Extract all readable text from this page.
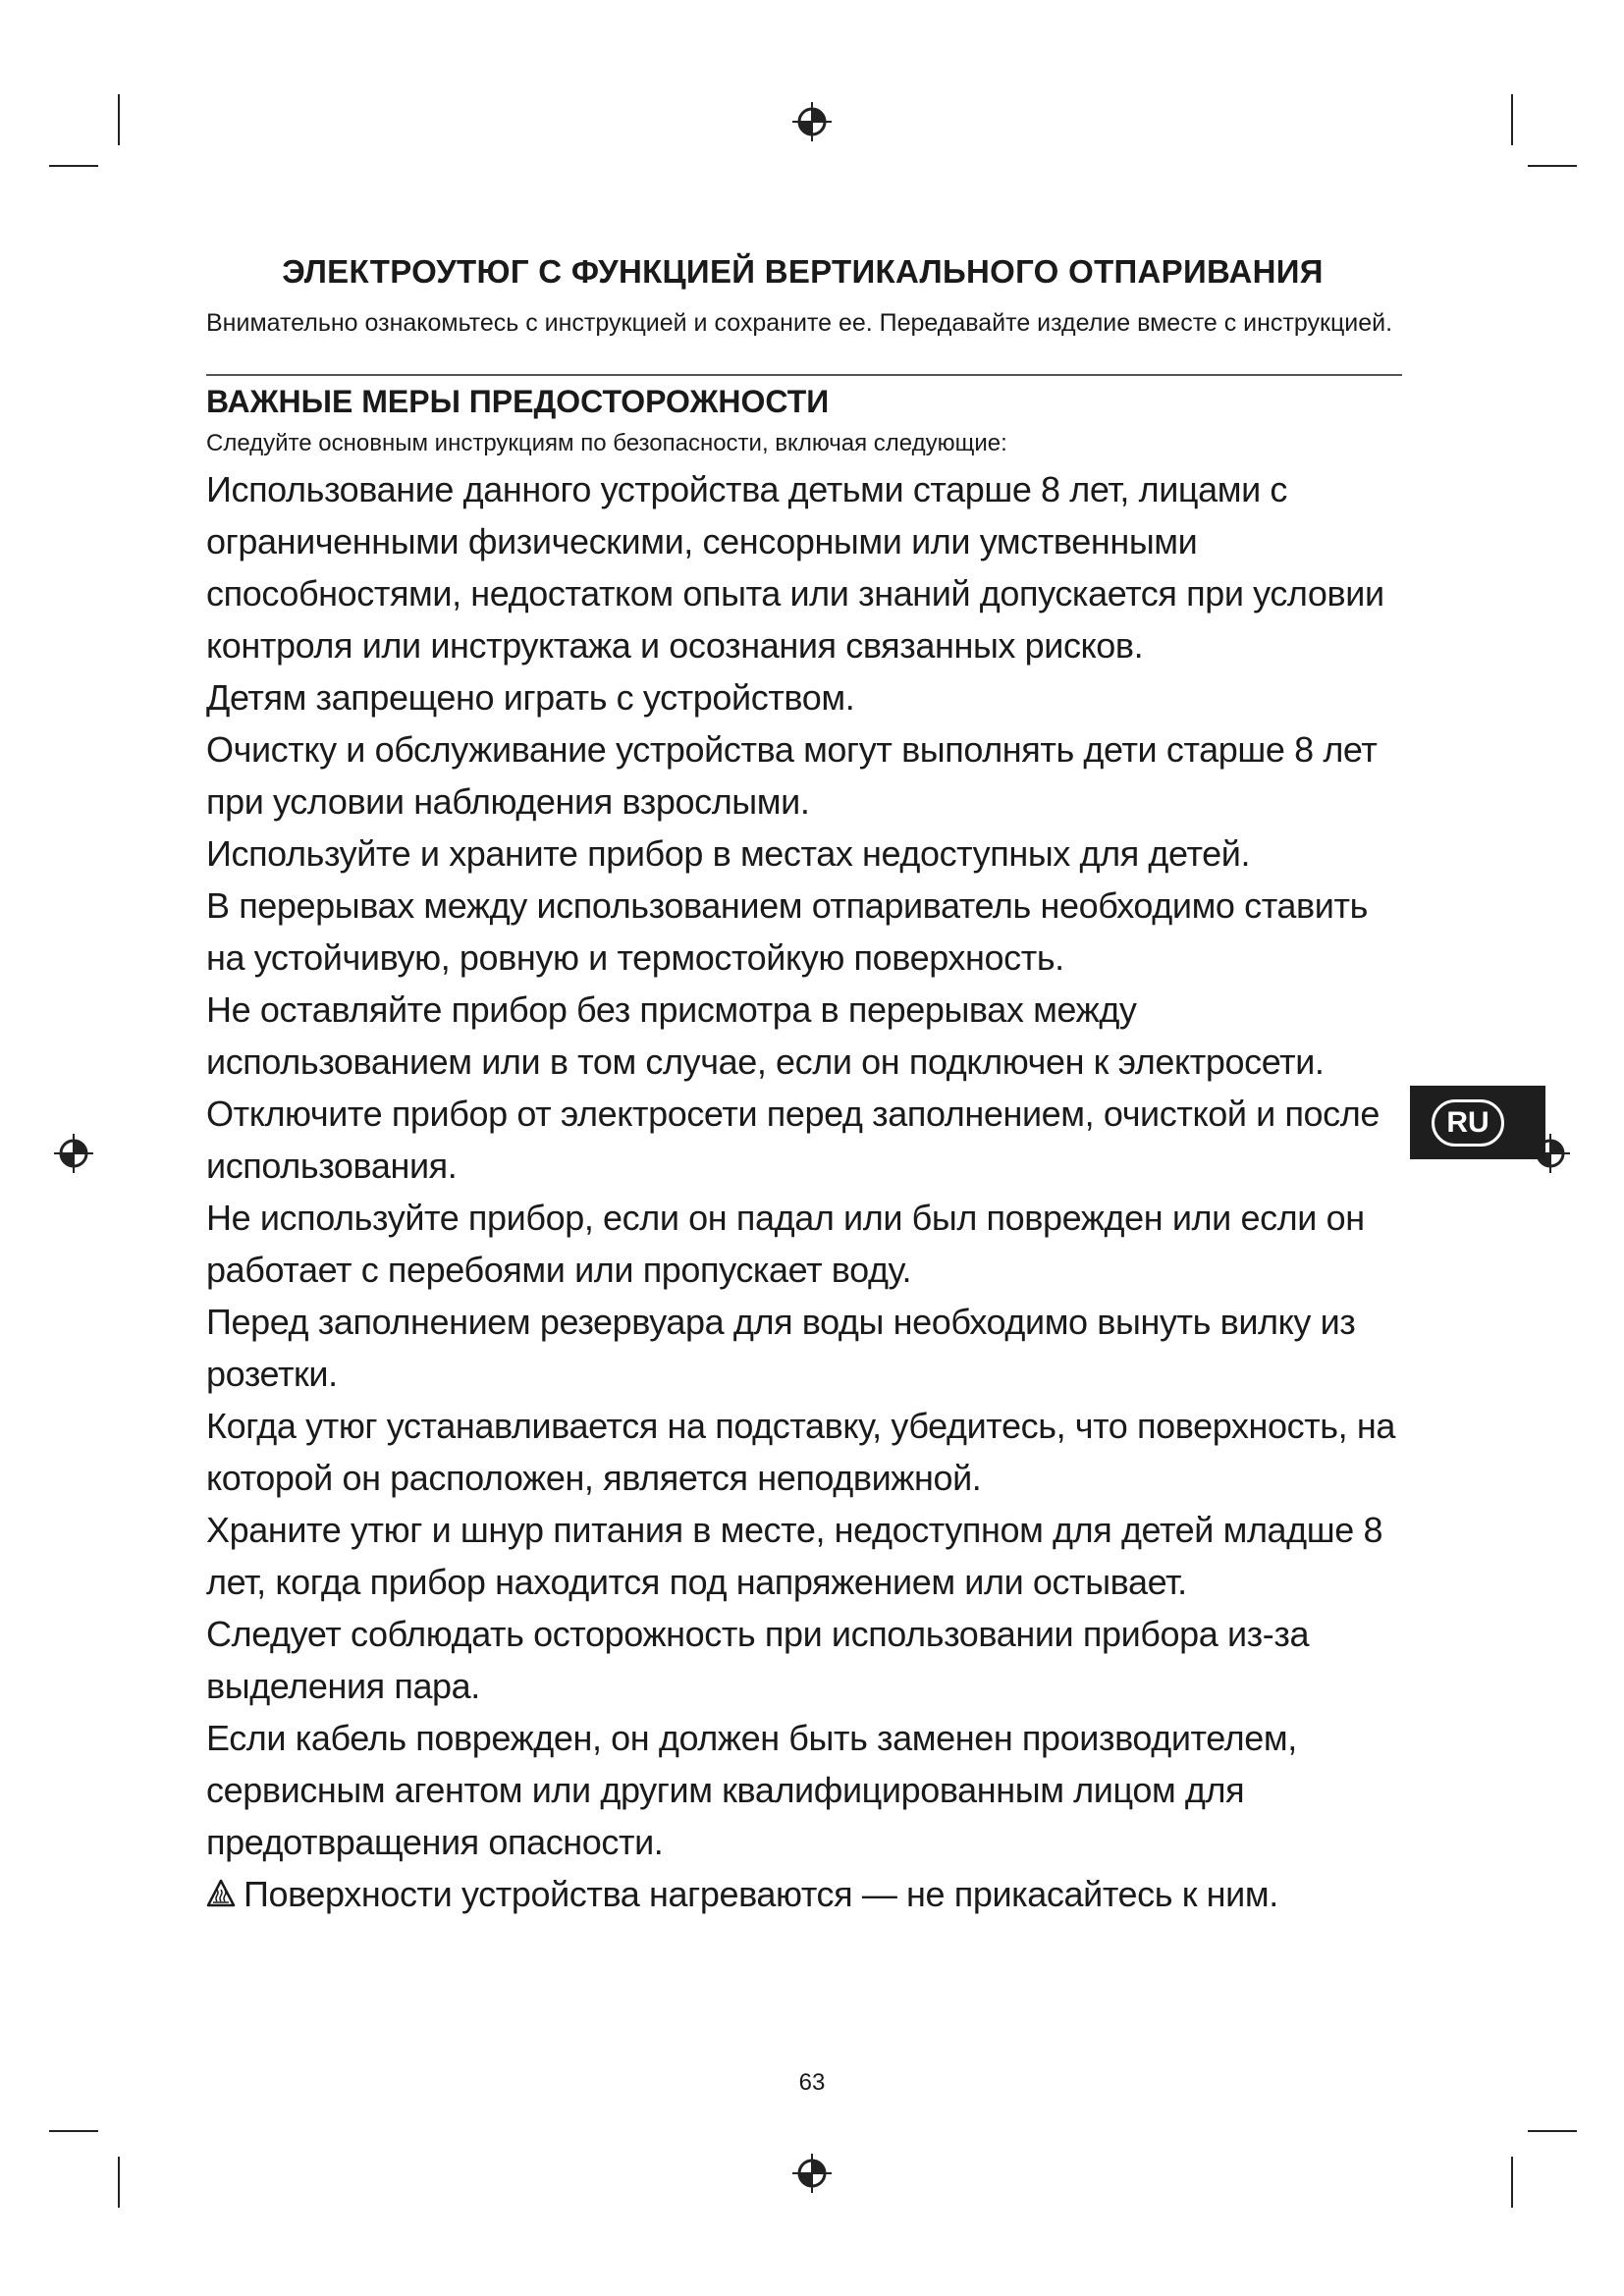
ЭЛЕКТРОУТЮГ С ФУНКЦИЕЙ ВЕРТИКАЛЬНОГО ОТПАРИВАНИЯ

Внимательно ознакомьтесь с инструкцией и сохраните ее. Передавайте изделие вместе с инструкцией.

ВАЖНЫЕ МЕРЫ ПРЕДОСТОРОЖНОСТИ

Следуйте основным инструкциям по безопасности, включая следующие:

Использование данного устройства детьми старше 8 лет, лицами с ограниченными физическими, сенсорными или умственными способностями, недостатком опыта или знаний допускается при условии контроля или инструктажа и осознания связанных рисков.
Детям запрещено играть с устройством.
Очистку и обслуживание устройства могут выполнять дети старше 8 лет при условии наблюдения взрослыми.
Используйте и храните прибор в местах недоступных для детей.
В перерывах между использованием отпариватель необходимо ставить на устойчивую, ровную и термостойкую поверхность.
Не оставляйте прибор без присмотра в перерывах между использованием или в том случае, если он подключен к электросети.
Отключите прибор от электросети перед заполнением, очисткой и после использования.
Не используйте прибор, если он падал или был поврежден или если он работает с перебоями или пропускает воду.
Перед заполнением резервуара для воды необходимо вынуть вилку из розетки.
Когда утюг устанавливается на подставку, убедитесь, что поверхность, на которой он расположен, является неподвижной.
Храните утюг и шнур питания в месте, недоступном для детей младше 8 лет, когда прибор находится под напряжением или остывает.
Следует соблюдать осторожность при использовании прибора из-за выделения пара.
Если кабель поврежден, он должен быть заменен производителем, сервисным агентом или другим квалифицированным лицом для предотвращения опасности.
Поверхности устройства нагреваются — не прикасайтесь к ним.
RU
63
